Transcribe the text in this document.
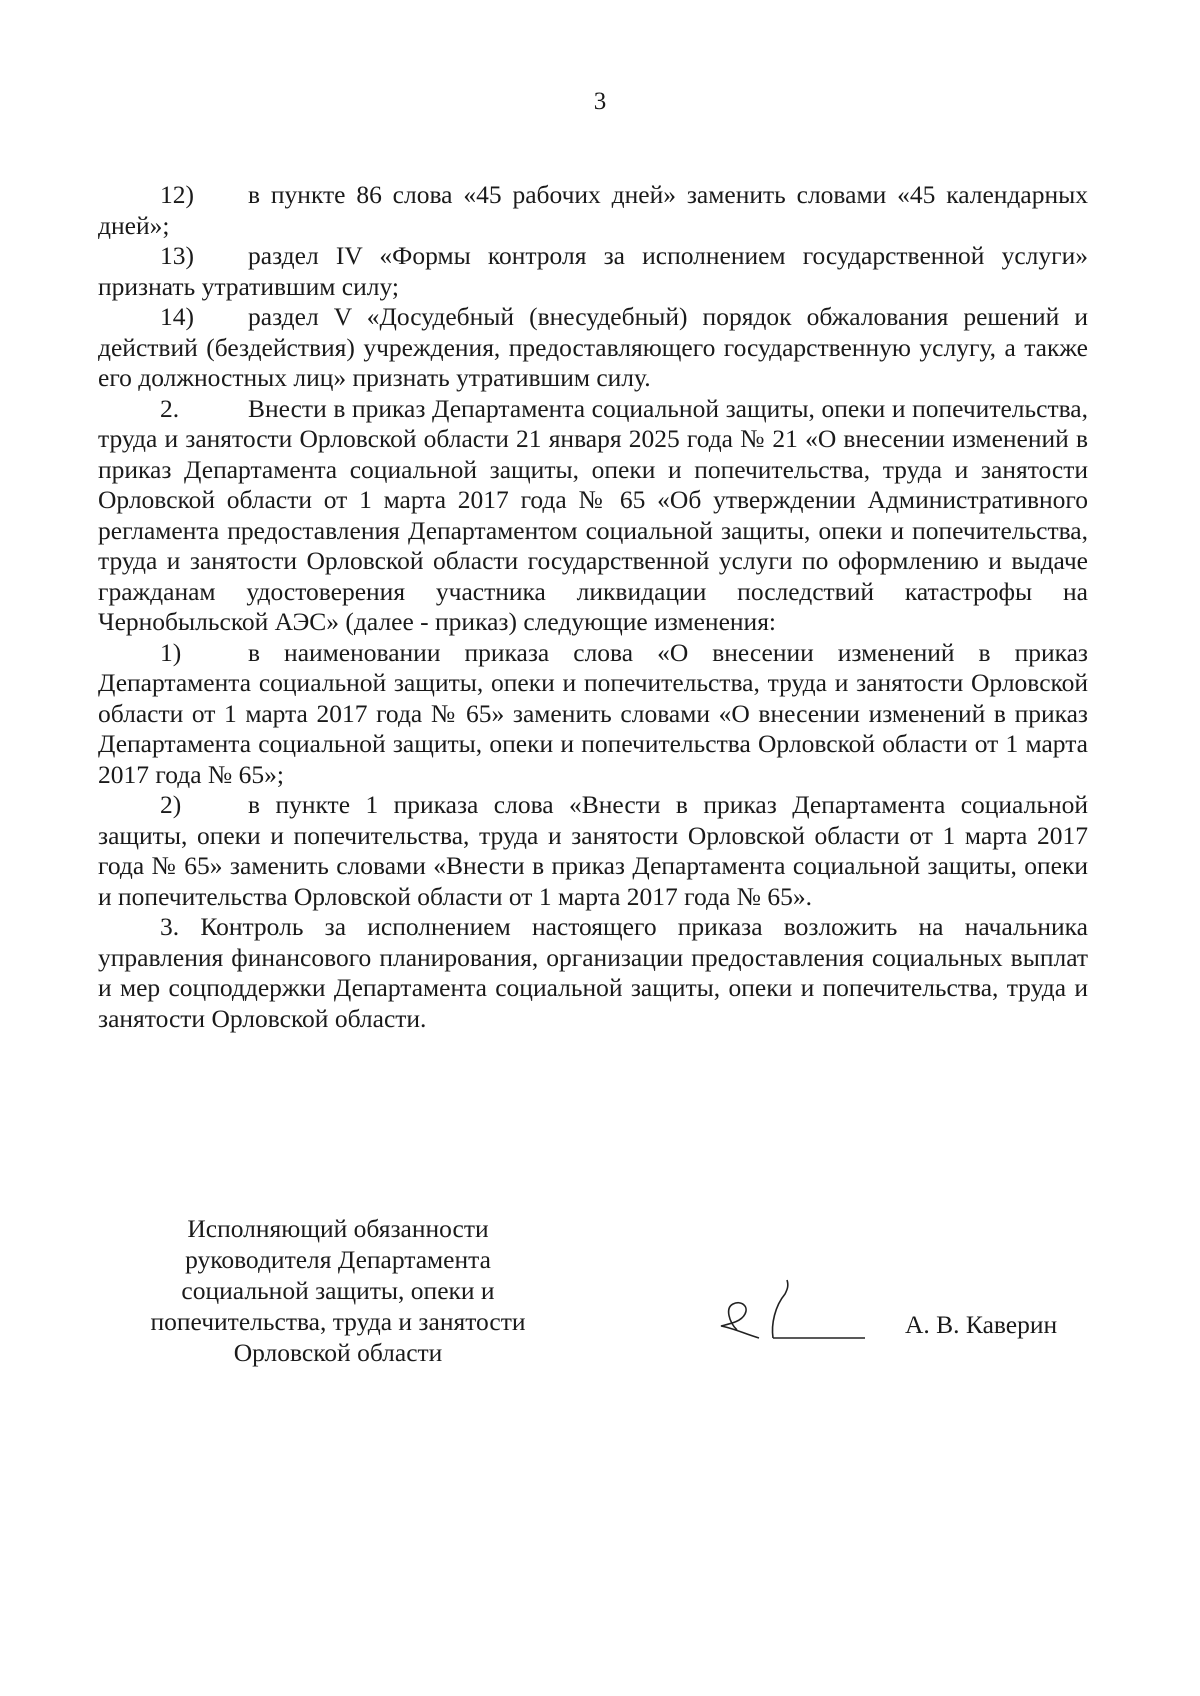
3

12) в пункте 86 слова «45 рабочих дней» заменить словами «45 календарных дней»;

13) раздел IV «Формы контроля за исполнением государственной услуги» признать утратившим силу;

14) раздел V «Досудебный (внесудебный) порядок обжалования решений и действий (бездействия) учреждения, предоставляющего государственную услугу, а также его должностных лиц» признать утратившим силу.

2.	Внести в приказ Департамента социальной защиты, опеки и попечительства, труда и занятости Орловской области 21 января 2025 года № 21 «О внесении изменений в приказ Департамента социальной защиты, опеки и попечительства, труда и занятости Орловской области от 1 марта 2017 года № 65 «Об утверждении Административного регламента предоставления Департаментом социальной защиты, опеки и попечительства, труда и занятости Орловской области государственной услуги по оформлению и выдаче гражданам удостоверения участника ликвидации последствий катастрофы на Чернобыльской АЭС» (далее - приказ) следующие изменения:

1)	в наименовании приказа слова «О внесении изменений в приказ Департамента социальной защиты, опеки и попечительства, труда и занятости Орловской области от 1 марта 2017 года № 65» заменить словами «О внесении изменений в приказ Департамента социальной защиты, опеки и попечительства Орловской области от 1 марта 2017 года № 65»;

2)	в пункте 1 приказа слова «Внести в приказ Департамента социальной защиты, опеки и попечительства, труда и занятости Орловской области от 1 марта 2017 года № 65» заменить словами «Внести в приказ Департамента социальной защиты, опеки и попечительства Орловской области от 1 марта 2017 года № 65».

3. Контроль за исполнением настоящего приказа возложить на начальника управления финансового планирования, организации предоставления социальных выплат и мер соцподдержки Департамента социальной защиты, опеки и попечительства, труда и занятости Орловской области.

Исполняющий обязанности
руководителя Департамента
социальной защиты, опеки и
попечительства, труда и занятости
Орловской области
А. В. Каверин
